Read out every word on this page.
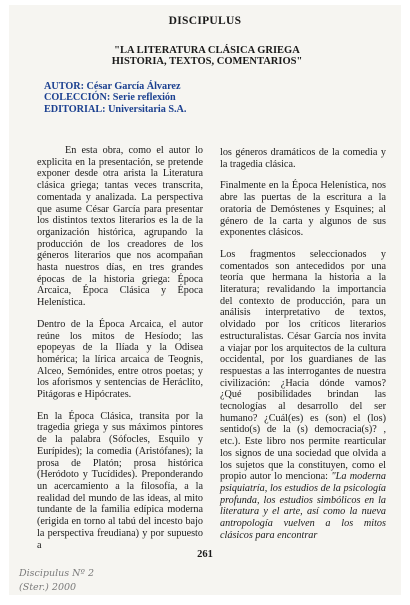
DISCIPULUS
"LA LITERATURA CLÁSICA GRIEGA
HISTORIA, TEXTOS, COMENTARIOS"
AUTOR: César García Álvarez
COLECCIÓN: Serie reflexión
EDITORIAL: Universitaria S.A.

En esta obra, como el autor lo explicita en la presentación, se pretende exponer desde otra arista la Literatura clásica griega; tantas veces transcrita, comentada y analizada. La perspectiva que asume César García para presentar los distintos textos literarios es la de la organización histórica, agrupando la producción de los creadores de los géneros literarios que nos acompañan hasta nuestros días, en tres grandes épocas de la historia griega: Época Arcaica, Época Clásica y Época Helenística.

Dentro de la Época Arcaica, el autor reúne los mitos de Hesíodo; las epopeyas de la Ilíada y la Odisea homérica; la lírica arcaica de Teognis, Alceo, Semónides, entre otros poetas; y los aforismos y sentencias de Heráclito, Pitágoras e Hipócrates.

En la Época Clásica, transita por la tragedia griega y sus máximos pintores de la palabra (Sófocles, Esquilo y Eurípides); la comedia (Aristófanes); la prosa de Platón; prosa histórica (Heródoto y Tucídides). Preponderando un acercamiento a la filosofía, a la realidad del mundo de las ideas, al mito tundante de la familia edípica moderna (erigida en torno al tabú del incesto bajo la perspectiva freudiana) y por supuesto a

los géneros dramáticos de la comedia y la tragedia clásica.

Finalmente en la Época Helenística, nos abre las puertas de la escritura a la oratoria de Demóstenes y Esquines; al género de la carta y algunos de sus exponentes clásicos.

Los fragmentos seleccionados y comentados son antecedidos por una teoría que hermana la historia a la literatura; revalidando la importancia del contexto de producción, para un análisis interpretativo de textos, olvidado por los críticos literarios estructuralistas. César García nos invita a viajar por los arquitectos de la cultura occidental, por los guardianes de las respuestas a las interrogantes de nuestra civilización: ¿Hacia dónde vamos? ¿Qué posibilidades brindan las tecnologías al desarrollo del ser humano? ¿Cuál(es) es (son) el (los) sentido(s) de la (s) democracia(s)? , etc.). Este libro nos permite rearticular los signos de una sociedad que olvida a los sujetos que la constituyen, como el propio autor lo menciona: "La moderna psiquiatría, los estudios de la psicología profunda, los estudios simbólicos en la literatura y el arte, así como la nueva antropología vuelven a los mitos clásicos para encontrar

261
Discipulus Nº 2
(Ster.) 2000
